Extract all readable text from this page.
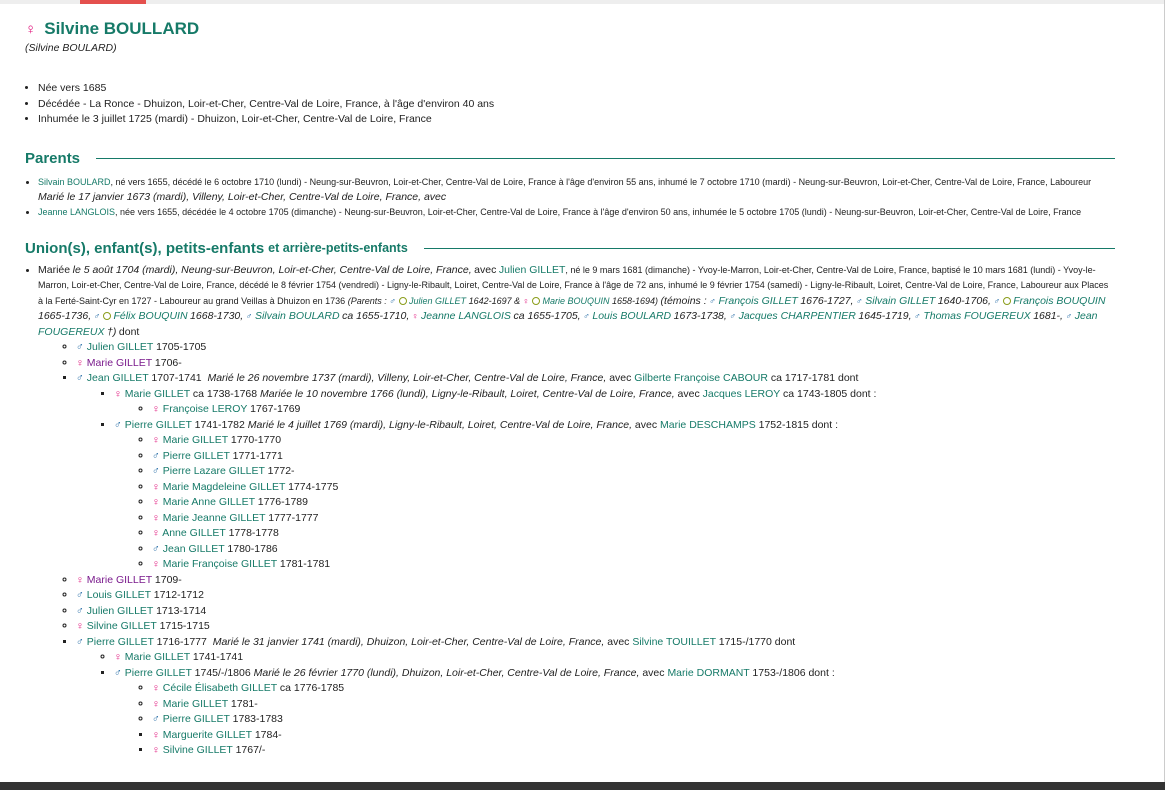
♀ Silvine BOULLARD
(Silvine BOULARD)
• Née vers 1685
• Décédée - La Ronce - Dhuizon, Loir-et-Cher, Centre-Val de Loire, France, à l'âge d'environ 40 ans
• Inhumée le 3 juillet 1725 (mardi) - Dhuizon, Loir-et-Cher, Centre-Val de Loire, France
Parents
• Silvain BOULARD, né vers 1655, décédé le 6 octobre 1710 (lundi) - Neung-sur-Beuvron, Loir-et-Cher, Centre-Val de Loire, France à l'âge d'environ 55 ans, inhumé le 7 octobre 1710 (mardi) - Neung-sur-Beuvron, Loir-et-Cher, Centre-Val de Loire, France, Laboureur
Marié le 17 janvier 1673 (mardi), Villeny, Loir-et-Cher, Centre-Val de Loire, France, avec
• Jeanne LANGLOIS, née vers 1655, décédée le 4 octobre 1705 (dimanche) - Neung-sur-Beuvron, Loir-et-Cher, Centre-Val de Loire, France à l'âge d'environ 50 ans, inhumée le 5 octobre 1705 (lundi) - Neung-sur-Beuvron, Loir-et-Cher, Centre-Val de Loire, France
Union(s), enfant(s), petits-enfants et arrière-petits-enfants
• Mariée le 5 août 1704 (mardi), Neung-sur-Beuvron, Loir-et-Cher, Centre-Val de Loire, France, avec Julien GILLET, né le 9 mars 1681 (dimanche) - Yvoy-le-Marron, Loir-et-Cher, Centre-Val de Loire, France, baptisé le 10 mars 1681 (lundi) - Yvoy-le-Marron, Loir-et-Cher, Centre-Val de Loire, France, décédé le 8 février 1754 (vendredi) - Ligny-le-Ribault, Loiret, Centre-Val de Loire, France à l'âge de 72 ans, inhumé le 9 février 1754 (samedi) - Ligny-le-Ribault, Loiret, Centre-Val de Loire, France, Laboureur aux Places à la Ferté-Saint-Cyr en 1727 - Laboureur au grand Veillas à Dhuizon en 1736 (Parents : ♂ Julien GILLET 1642-1697 & ♀ Marie BOUQUIN 1658-1694) (témoins : ♂ François GILLET 1676-1727, ♂ Silvain GILLET 1640-1706, ♂ François BOUQUIN 1665-1736, ♂ Félix BOUQUIN 1668-1730, ♂ Silvain BOULARD ca 1655-1710, ♀ Jeanne LANGLOIS ca 1655-1705, ♂ Louis BOULARD 1673-1738, ♂ Jacques CHARPENTIER 1645-1719, ♂ Thomas FOUGEREUX 1681-, ♂ Jean FOUGEREUX †) dont
◦ ♂ Julien GILLET 1705-1705
◦ ♀ Marie GILLET 1706-
▪ ♂ Jean GILLET 1707-1741 Marié le 26 novembre 1737 (mardi), Villeny, Loir-et-Cher, Centre-Val de Loire, France, avec Gilberte Françoise CABOUR ca 1717-1781 dont
▪ ♀ Marie GILLET ca 1738-1768 Mariée le 10 novembre 1766 (lundi), Ligny-le-Ribault, Loiret, Centre-Val de Loire, France, avec Jacques LEROY ca 1743-1805 dont :
◦ ♀ Françoise LEROY 1767-1769
▪ ♂ Pierre GILLET 1741-1782 Marié le 4 juillet 1769 (mardi), Ligny-le-Ribault, Loiret, Centre-Val de Loire, France, avec Marie DESCHAMPS 1752-1815 dont :
◦ ♀ Marie GILLET 1770-1770
◦ ♂ Pierre GILLET 1771-1771
◦ ♂ Pierre Lazare GILLET 1772-
◦ ♀ Marie Magdeleine GILLET 1774-1775
◦ ♀ Marie Anne GILLET 1776-1789
◦ ♀ Marie Jeanne GILLET 1777-1777
◦ ♀ Anne GILLET 1778-1778
◦ ♂ Jean GILLET 1780-1786
◦ ♀ Marie Françoise GILLET 1781-1781
◦ ♀ Marie GILLET 1709-
◦ ♂ Louis GILLET 1712-1712
◦ ♂ Julien GILLET 1713-1714
◦ ♀ Silvine GILLET 1715-1715
▪ ♂ Pierre GILLET 1716-1777 Marié le 31 janvier 1741 (mardi), Dhuizon, Loir-et-Cher, Centre-Val de Loire, France, avec Silvine TOUILLET 1715-/1770 dont
◦ ♀ Marie GILLET 1741-1741
▪ ♂ Pierre GILLET 1745/-/1806 Marié le 26 février 1770 (lundi), Dhuizon, Loir-et-Cher, Centre-Val de Loire, France, avec Marie DORMANT 1753-/1806 dont :
◦ ♀ Cécile Élisabeth GILLET ca 1776-1785
◦ ♀ Marie GILLET 1781-
◦ ♂ Pierre GILLET 1783-1783
▪ ♀ Marguerite GILLET 1784-
▪ ♀ Silvine GILLET 1767/-
